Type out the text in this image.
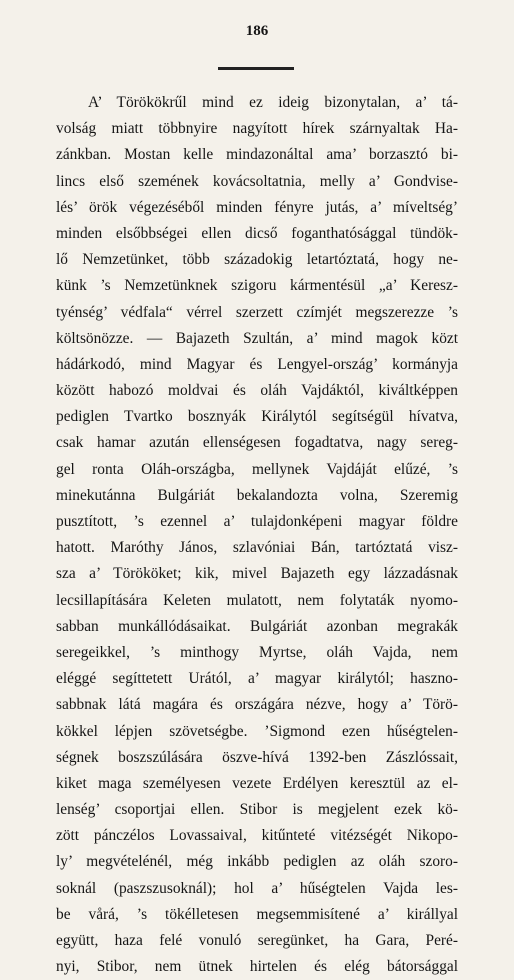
186
A’ Törökökrűl mind ez ideig bizonytalan, a’ tá-
volság miatt többnyire nagyított hírek szárnyaltak Ha-
zánkban. Mostan kelle mindazonáltal ama’ borzasztó bi-
lincs első szemének kovácsoltatnia, melly a’ Gondvise-
lés’ örök végezéséből minden fényre jutás, a’ míveltség’
minden elsőbbségei ellen dicső foganthatósággal tündök-
lő Nemzetünket, több századokig letartóztatá, hogy ne-
künk ’s Nemzetünknek szigoru kármentésül „a’ Keresz-
tyénség’ védfala“ vérrel szerzett czímjét megszerezze ’s
költsönözze. — Bajazeth Szultán, a’ mind magok közt
hádárkodó, mind Magyar és Lengyel-ország’ kormányja
között habozó moldvai és oláh Vajdáktól, kiváltképpen
pediglen Tvartko bosznyák Királytól segítségül hívatva,
csak hamar azután ellenségesen fogadtatva, nagy sereg-
gel ronta Oláh-országba, mellynek Vajdáját elűzé, ’s
minekutánna Bulgáriát bekalandozta volna, Szeremig
pusztított, ’s ezennel a’ tulajdonképeni magyar földre
hatott. Maróthy János, szlavóniai Bán, tartóztatá visz-
sza a’ Törököket; kik, mivel Bajazeth egy lázzadásnak
lecsillapítására Keleten mulatott, nem folytaták nyomo-
sabban munkállódásaikat. Bulgáriát azonban megrakák
seregeikkel, ’s minthogy Myrtse, oláh Vajda, nem
eléggé segíttetett Urától, a’ magyar királytól; haszno-
sabbnak látá magára és országára nézve, hogy a’ Törö-
kökkel lépjen szövetségbe. ’Sigmond ezen hűségtelen-
ségnek boszszúlására öszve-hívá 1392-ben Zászlóssait,
kiket maga személyesen vezete Erdélyen keresztül az el-
lenség’ csoportjai ellen. Stibor is megjelent ezek kö-
zött pánczélos Lovassaival, kitűnteté vitézségét Nikopo-
ly’ megvételénél, még inkább pediglen az oláh szoro-
soknál (paszszusoknál); hol a’ hűségtelen Vajda les-
be vårá, ’s tökélletesen megsemmisítené a’ királlyal
együtt, haza felé vonuló seregünket, ha Gara, Peré-
nyi, Stibor, nem ütnek hirtelen és elég bátorsággal
